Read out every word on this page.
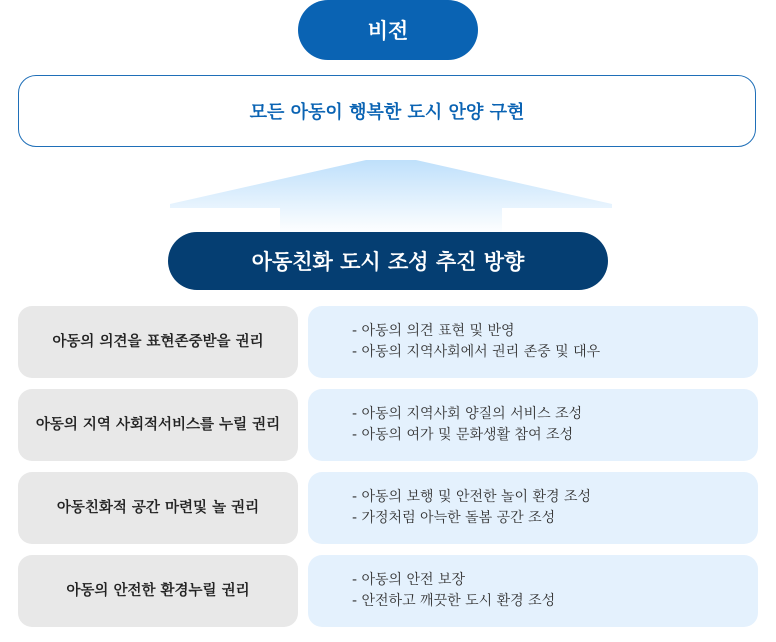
비전
모든 아동이 행복한 도시 안양 구현
아동친화 도시 조성 추진 방향
아동의 의견을 표현 존중받을 권리
- 아동의 의견 표현 및 반영
- 아동의 지역사회에서 권리 존중 및 대우
아동의 지역 사회적 서비스를 누릴 권리
- 아동의 지역사회 양질의 서비스 조성
- 아동의 여가 및 문화생활 참여 조성
아동친화적 공간 마련 및 놀 권리
- 아동의 보행 및 안전한 놀이 환경 조성
- 가정처럼 아늑한 돌봄 공간 조성
아동의 안전한 환경 누릴 권리
- 아동의 안전 보장
- 안전하고 깨끗한 도시 환경 조성
